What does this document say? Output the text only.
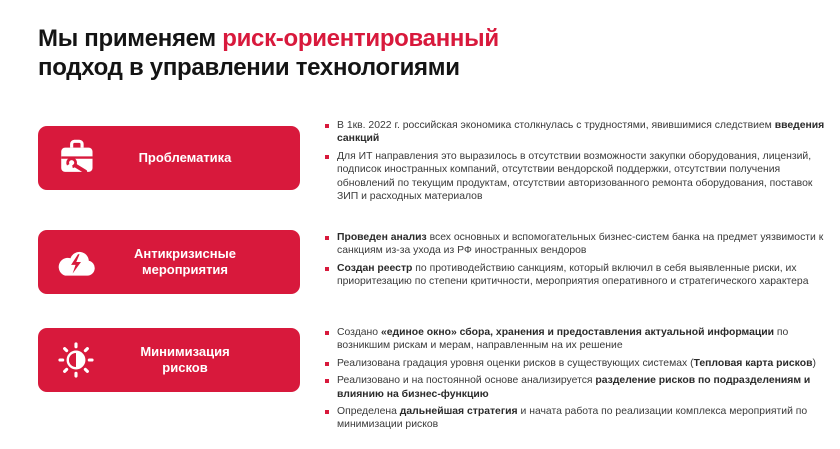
Мы применяем риск-ориентированный
подход в управлении технологиями
Проблематика
В 1кв. 2022 г. российская экономика столкнулась с трудностями, явившимися следствием введения санкций
Для ИТ направления это выразилось в отсутствии возможности закупки оборудования, лицензий, подписок иностранных компаний, отсутствии вендорской поддержки, отсутствии получения обновлений по текущим продуктам, отсутствии авторизованного ремонта оборудования, поставок ЗИП и расходных материалов
Антикризисные мероприятия
Проведен анализ всех основных и вспомогательных бизнес-систем банка на предмет уязвимости к санкциям из-за ухода из РФ иностранных вендоров
Создан реестр по противодействию санкциям, который включил в себя выявленные риски, их приоритезацию по степени критичности, мероприятия оперативного и стратегического характера
Минимизация рисков
Создано «единое окно» сбора, хранения и предоставления актуальной информации по возникшим рискам и мерам, направленным на их решение
Реализована градация уровня оценки рисков в существующих системах (Тепловая карта рисков)
Реализовано и на постоянной основе анализируется разделение рисков по подразделениям и влиянию на бизнес-функцию
Определена дальнейшая стратегия и начата работа по реализации комплекса мероприятий по минимизации рисков
